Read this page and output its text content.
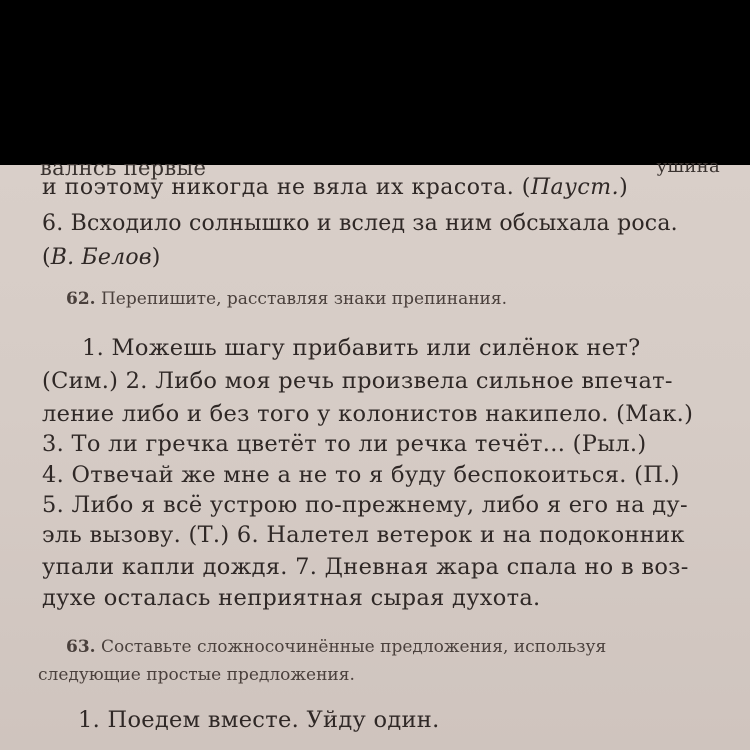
валнсь первые	ушина
и поэтому никогда не вяла их красота. (Пауст.)
6. Всходило солнышко и вслед за ним обсыхала роса.
(В. Белов)
62. Перепишите, расставляя знаки препинания.
1. Можешь шагу прибавить или силёнок нет?
(Сим.) 2. Либо моя речь произвела сильное впечат-
ление либо и без того у колонистов накипело. (Мак.)
3. То ли гречка цветёт то ли речка течёт... (Рыл.)
4. Отвечай же мне а не то я буду беспокоиться. (П.)
5. Либо я всё устрою по-прежнему, либо я его на ду-
эль вызову. (Т.) 6. Налетел ветерок и на подоконник
упали капли дождя. 7. Дневная жара спала но в воз-
духе осталась неприятная сырая духота.
63. Составьте сложносочинённые предложения, используя
следующие простые предложения.
1. Поедем вместе. Уйду один.
